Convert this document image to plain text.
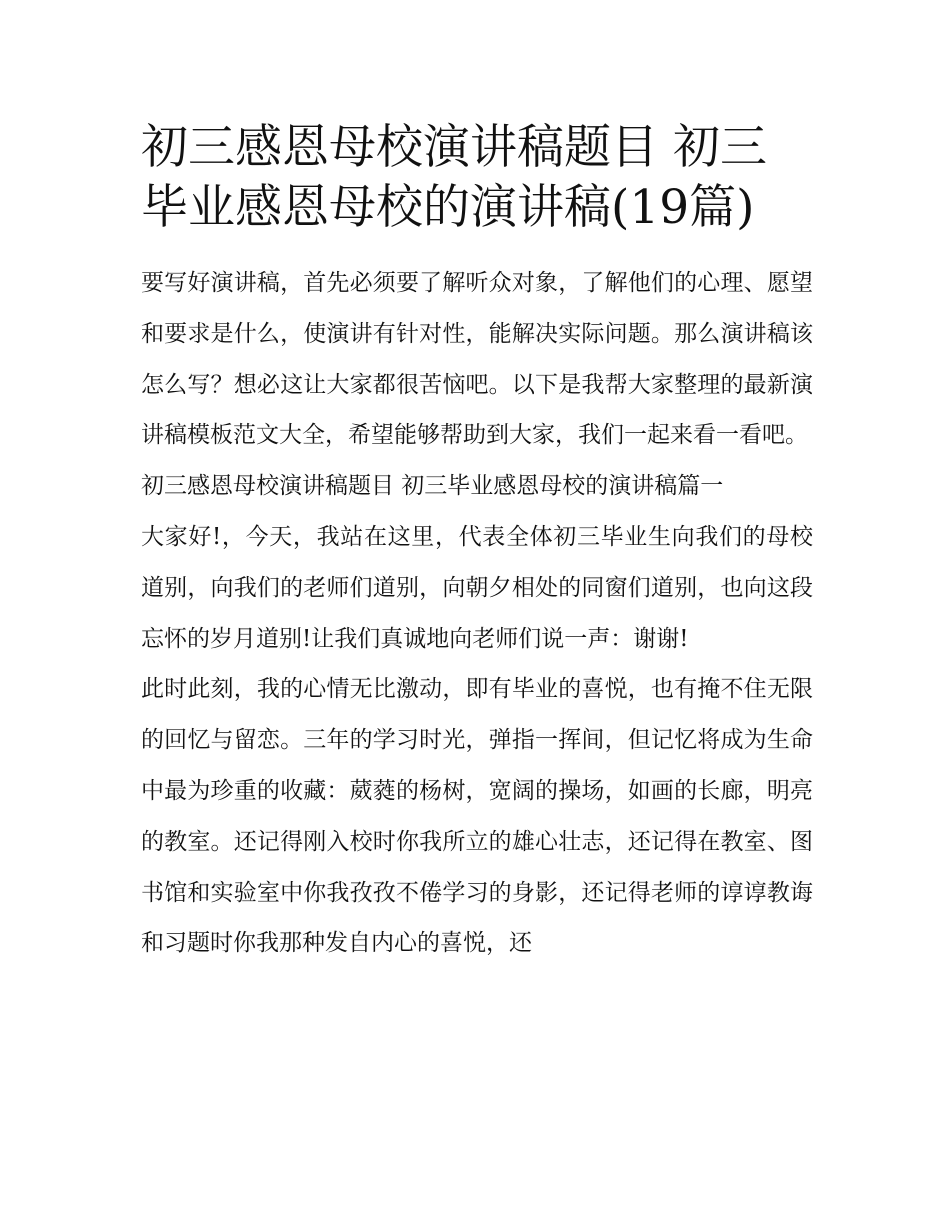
初三感恩母校演讲稿题目 初三毕业感恩母校的演讲稿(19篇)

要写好演讲稿，首先必须要了解听众对象，了解他们的心理、愿望和要求是什么，使演讲有针对性，能解决实际问题。那么演讲稿该怎么写？想必这让大家都很苦恼吧。以下是我帮大家整理的最新演讲稿模板范文大全，希望能够帮助到大家，我们一起来看一看吧。

初三感恩母校演讲稿题目 初三毕业感恩母校的演讲稿篇一

大家好!，今天，我站在这里，代表全体初三毕业生向我们的母校道别，向我们的老师们道别，向朝夕相处的同窗们道别，也向这段忘怀的岁月道别!让我们真诚地向老师们说一声：谢谢!

此时此刻，我的心情无比激动，即有毕业的喜悦，也有掩不住无限的回忆与留恋。三年的学习时光，弹指一挥间，但记忆将成为生命中最为珍重的收藏：葳蕤的杨树，宽阔的操场，如画的长廊，明亮的教室。还记得刚入校时你我所立的雄心壮志，还记得在教室、图书馆和实验室中你我孜孜不倦学习的身影，还记得老师的谆谆教诲和习题时你我那种发自内心的喜悦，还
